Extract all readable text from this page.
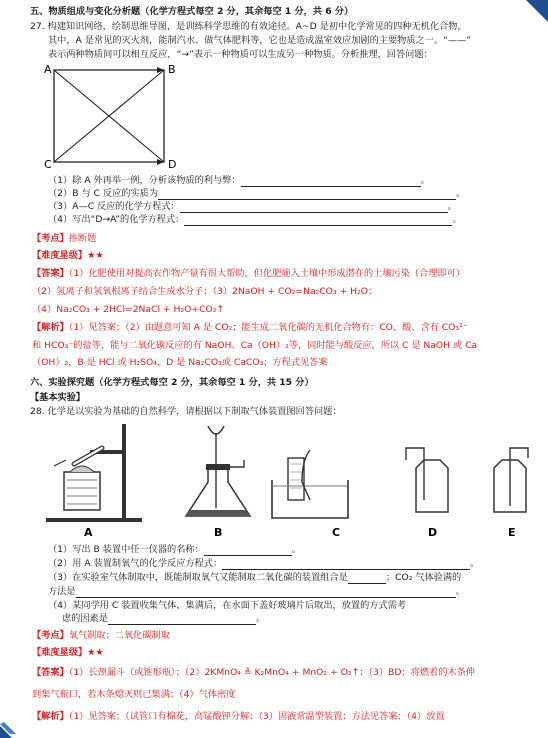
五、物质组成与变化分析题（化学方程式每空 2 分，其余每空 1 分，共 6 分）
27. 构建知识网络，绘制思维导图，是训练科学思维的有效途径。A~D 是初中化学常见的四种无机化合物，
其中，A 是常见的灭火剂，能制汽水、做气体肥料等，它也是造成温室效应加剧的主要物质之一。“——”
表示两种物质间可以相互反应，“→”表示一种物质可以生成另一种物质。分析推理，回答问题：
A	B
C	D
（1）除 A 外再举一例，分析该物质的利与弊：	。
（2）B 与 C 反应的实质为	。
（3）A—C 反应的化学方程式：	。
（4）写出“D→A”的化学方程式：	。
【考点】推断题
【难度星级】★★
【答案】（1）化肥使用对提高农作物产量有很大帮助，但化肥施入土壤中形成潜在的土壤污染（合理即可）
（2）氢离子和氢氧根离子结合生成水分子；（3）2NaOH + CO₂=Na₂CO₃ + H₂O；
（4）Na₂CO₃ + 2HCl=2NaCl + H₂O+CO₂↑
【解析】（1）见答案；（2）由题意可知 A 是 CO₂；能生成二氧化碳的无机化合物有：CO、酸、含有 CO₃²⁻
和 HCO₃⁻的盐等，能与二氧化碳反应的有 NaOH、Ca（OH）₂等，同时能与酸反应，所以 C 是 NaOH 或 Ca
（OH）₂，B 是 HCl 或 H₂SO₄，D 是 Na₂CO₃或 CaCO₃；方程式见答案
六、实验探究题（化学方程式每空 2 分，其余每空 1 分，共 15 分）
【基本实验】
28. 化学是以实验为基础的自然科学，请根据以下制取气体装置图回答问题：
A	B	C	D	E
（1）写出 B 装置中任一仪器的名称：	。
（2）用 A 装置制氧气的化学反应方程式：	。
（3）在实验室气体制取中，既能制取氧气又能制取二氧化碳的装置组合是	；CO₂ 气体验满的
方法是	。
（4）某同学用 C 装置收集气体，集满后，在水面下盖好玻璃片后取出，放置的方式需考
虑的因素是	。
【考点】氧气制取；二氧化碳制取
【难度星级】★★
【答案】（1）长颈漏斗（或锥形瓶）；（2）2KMnO₄ ≜ K₂MnO₄ + MnO₂ + O₂↑；（3）BD；将燃着的木条伸
到集气瓶口，若木条熄灭则已集满；（4）气体密度
【解析】（1）见答案；（试管口有棉花，高锰酸钾分解；（3）固液常温型装置；方法见答案；（4）放置
